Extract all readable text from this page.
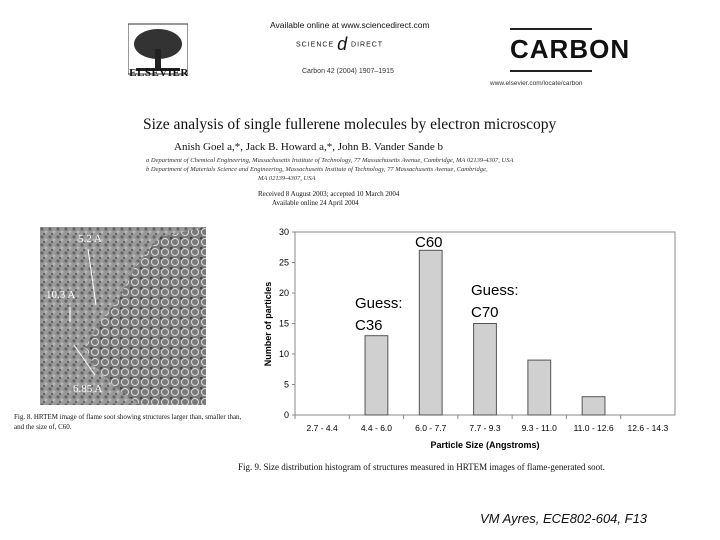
ELSEVIER
Available online at www.sciencedirect.com
SCIENCE d DIRECT
Carbon 42 (2004) 1907–1915
CARBON
www.elsevier.com/locate/carbon
Size analysis of single fullerene molecules by electron microscopy
Anish Goel a,*, Jack B. Howard a,*, John B. Vander Sande b
a Department of Chemical Engineering, Massachusetts Institute of Technology, 77 Massachusetts Avenue, Cambridge, MA 02139-4307, USA
b Department of Materials Science and Engineering, Massachusetts Institute of Technology, 77 Massachusetts Avenue, Cambridge,
MA 02139-4307, USA
Received 8 August 2003; accepted 10 March 2004
Available online 24 April 2004
5.2 A
10.3 A
6.85 A
Fig. 8. HRTEM image of flame soot showing structures larger than, smaller than, and the size of, C60.
0
5
10
15
20
25
30
2.7 - 4.4	4.4 - 6.0	6.0 - 7.7	7.7 - 9.3 9.3 - 11.0 11.0 - 12.6 12.6 - 14.3
Number of particles
Particle Size (Angstroms)
C60
Guess: C36
Guess: C70
Fig. 9. Size distribution histogram of structures measured in HRTEM images of flame-generated soot.
VM Ayres, ECE802-604, F13
